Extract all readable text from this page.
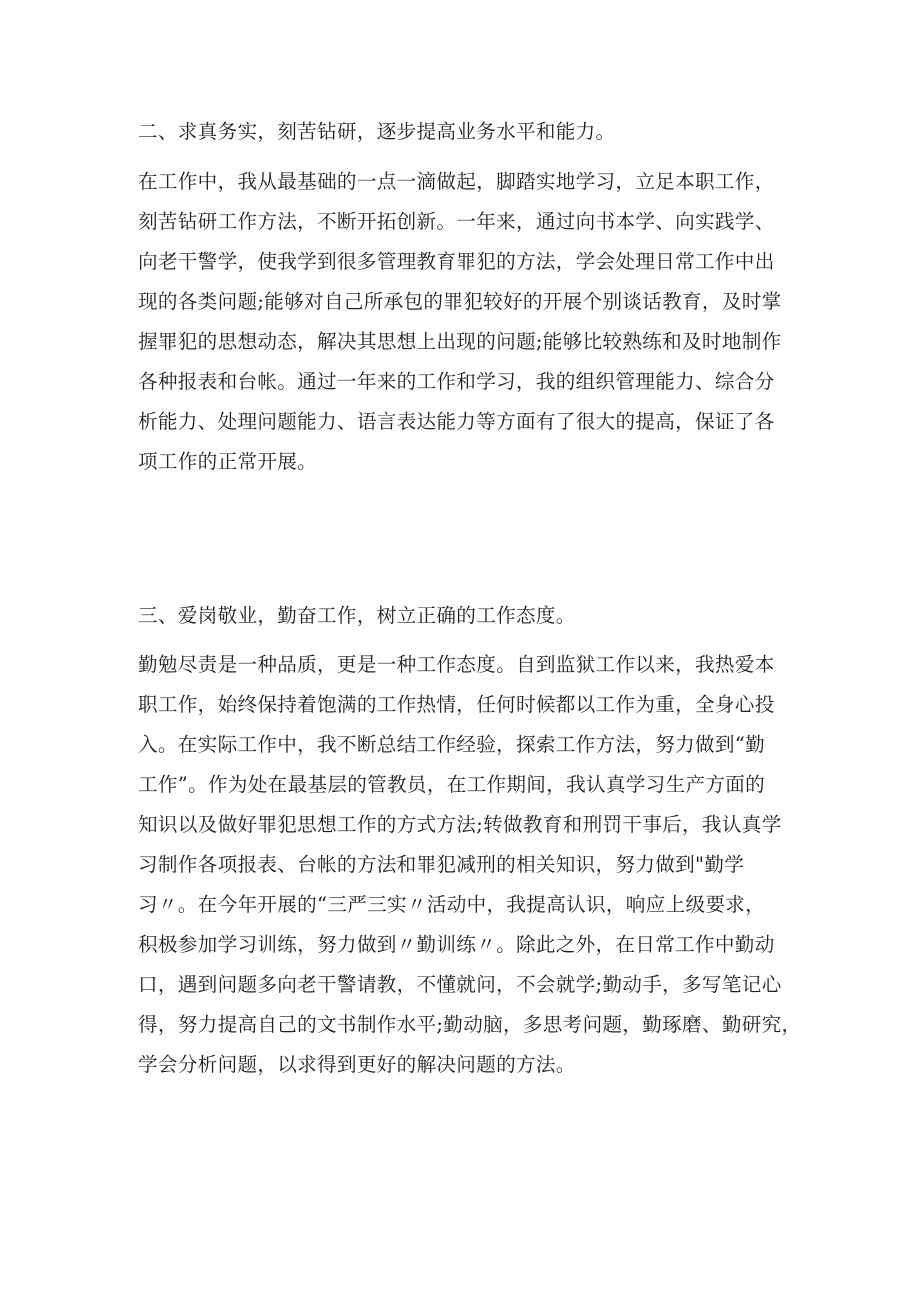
二、求真务实，刻苦钻研，逐步提高业务水平和能力。
在工作中，我从最基础的一点一滴做起，脚踏实地学习，立足本职工作，
刻苦钻研工作方法，不断开拓创新。一年来，通过向书本学、向实践学、
向老干警学，使我学到很多管理教育罪犯的方法，学会处理日常工作中出
现的各类问题;能够对自己所承包的罪犯较好的开展个别谈话教育，及时掌
握罪犯的思想动态，解决其思想上出现的问题;能够比较熟练和及时地制作
各种报表和台帐。通过一年来的工作和学习，我的组织管理能力、综合分
析能力、处理问题能力、语言表达能力等方面有了很大的提高，保证了各
项工作的正常开展。
三、爱岗敬业，勤奋工作，树立正确的工作态度。
勤勉尽责是一种品质，更是一种工作态度。自到监狱工作以来，我热爱本
职工作，始终保持着饱满的工作热情，任何时候都以工作为重，全身心投
入。在实际工作中，我不断总结工作经验，探索工作方法，努力做到“勤
工作”。作为处在最基层的管教员，在工作期间，我认真学习生产方面的
知识以及做好罪犯思想工作的方式方法;转做教育和刑罚干事后，我认真学
习制作各项报表、台帐的方法和罪犯减刑的相关知识，努力做到"勤学
习〃。在今年开展的“三严三实〃活动中，我提高认识，响应上级要求，
积极参加学习训练，努力做到〃勤训练〃。除此之外，在日常工作中勤动
口，遇到问题多向老干警请教，不懂就问，不会就学;勤动手，多写笔记心
得，努力提高自己的文书制作水平;勤动脑，多思考问题，勤琢磨、勤研究，
学会分析问题，以求得到更好的解决问题的方法。
